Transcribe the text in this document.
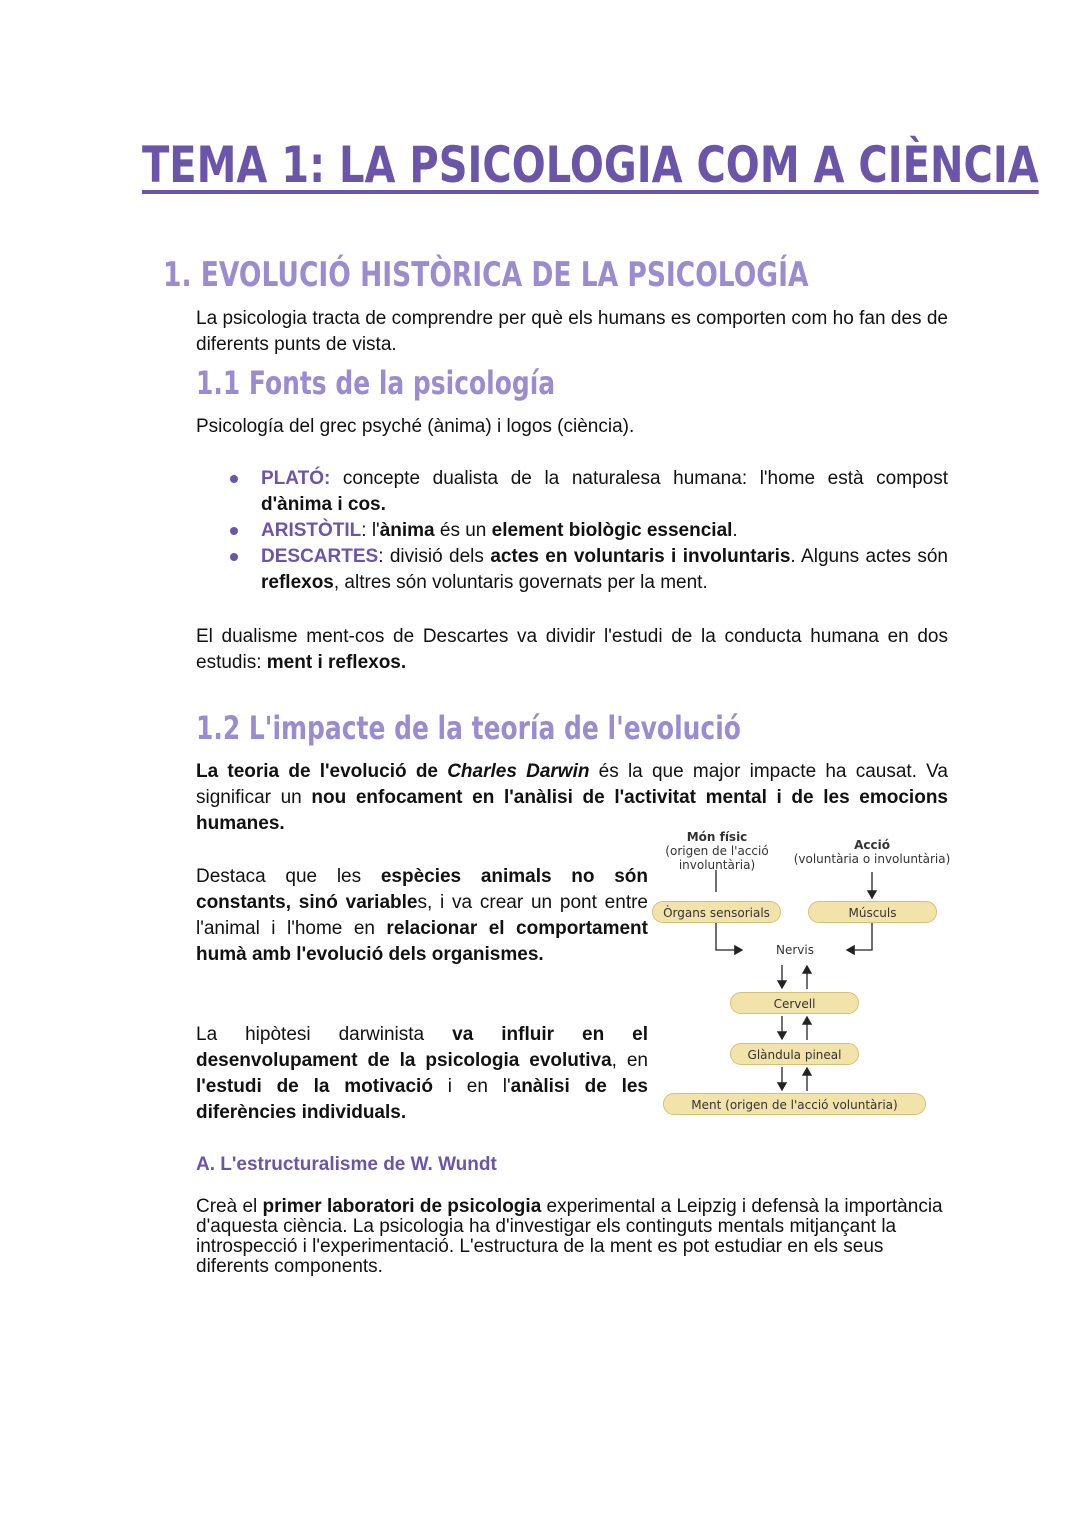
TEMA 1: LA PSICOLOGIA COM A CIÈNCIA
1. EVOLUCIÓ HISTÒRICA DE LA PSICOLOGÍA

La psicologia tracta de comprendre per què els humans es comporten com ho fan des de diferents punts de vista.

1.1 Fonts de la psicología

Psicología del grec psyché (ànima) i logos (ciència).

PLATÓ: concepte dualista de la naturalesa humana: l'home està compost d'ànima i cos.
ARISTÒTIL: l'ànima és un element biològic essencial.
DESCARTES: divisió dels actes en voluntaris i involuntaris. Alguns actes són reflexos, altres són voluntaris governats per la ment.

El dualisme ment-cos de Descartes va dividir l'estudi de la conducta humana en dos estudis: ment i reflexos.

1.2 L'impacte de la teoría de l'evolució

La teoria de l'evolució de Charles Darwin és la que major impacte ha causat. Va significar un nou enfocament en l'anàlisi de l'activitat mental i de les emocions humanes.

Destaca que les espècies animals no són constants, sinó variables, i va crear un pont entre l'animal i l'home en relacionar el comportament humà amb l'evolució dels organismes.

La hipòtesi darwinista va influir en el desenvolupament de la psicologia evolutiva, en l'estudi de la motivació i en l'anàlisi de les diferències individuals.

Món físic
(origen de l'acció
involuntària)
Acció
(voluntària o involuntària)
Òrgans sensorials	Músculs
Nervis
Cervell
Glàndula pineal
Ment (origen de l'acció voluntària)
A. L'estructuralisme de W. Wundt

Creà el primer laboratori de psicologia experimental a Leipzig i defensà la importància d'aquesta ciència. La psicologia ha d'investigar els continguts mentals mitjançant la introspecció i l'experimentació. L'estructura de la ment es pot estudiar en els seus diferents components.
